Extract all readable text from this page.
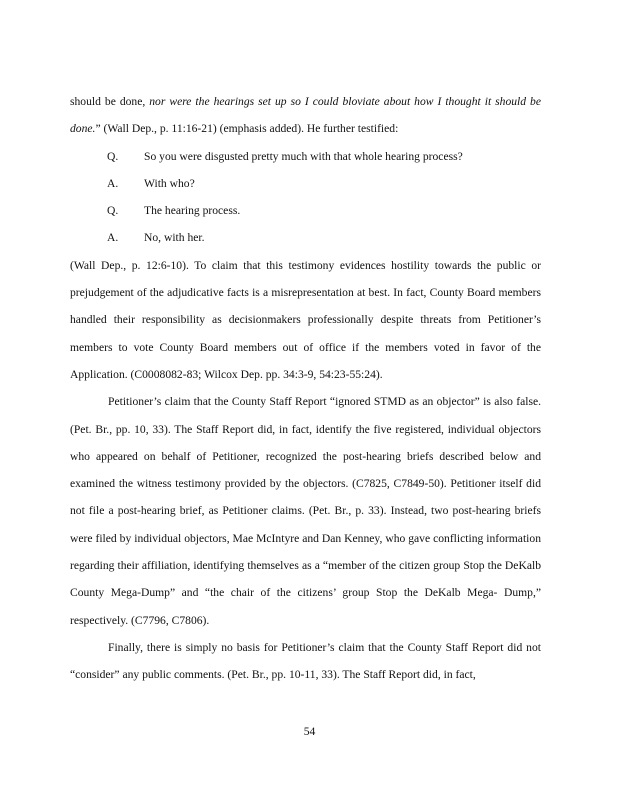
should be done, nor were the hearings set up so I could bloviate about how I thought it should be done.” (Wall Dep., p. 11:16-21) (emphasis added). He further testified:

Q.	So you were disgusted pretty much with that whole hearing process?
A.	With who?
Q.	The hearing process.
A.	No, with her.

(Wall Dep., p. 12:6-10). To claim that this testimony evidences hostility towards the public or prejudgement of the adjudicative facts is a misrepresentation at best. In fact, County Board members handled their responsibility as decisionmakers professionally despite threats from Petitioner’s members to vote County Board members out of office if the members voted in favor of the Application. (C0008082-83; Wilcox Dep. pp. 34:3-9, 54:23-55:24).

Petitioner’s claim that the County Staff Report “ignored STMD as an objector” is also false. (Pet. Br., pp. 10, 33). The Staff Report did, in fact, identify the five registered, individual objectors who appeared on behalf of Petitioner, recognized the post-hearing briefs described below and examined the witness testimony provided by the objectors. (C7825, C7849-50). Petitioner itself did not file a post-hearing brief, as Petitioner claims. (Pet. Br., p. 33). Instead, two post-hearing briefs were filed by individual objectors, Mae McIntyre and Dan Kenney, who gave conflicting information regarding their affiliation, identifying themselves as a “member of the citizen group Stop the DeKalb County Mega-Dump” and “the chair of the citizens’ group Stop the DeKalb Mega- Dump,” respectively. (C7796, C7806).

Finally, there is simply no basis for Petitioner’s claim that the County Staff Report did not “consider” any public comments. (Pet. Br., pp. 10-11, 33). The Staff Report did, in fact,

54
